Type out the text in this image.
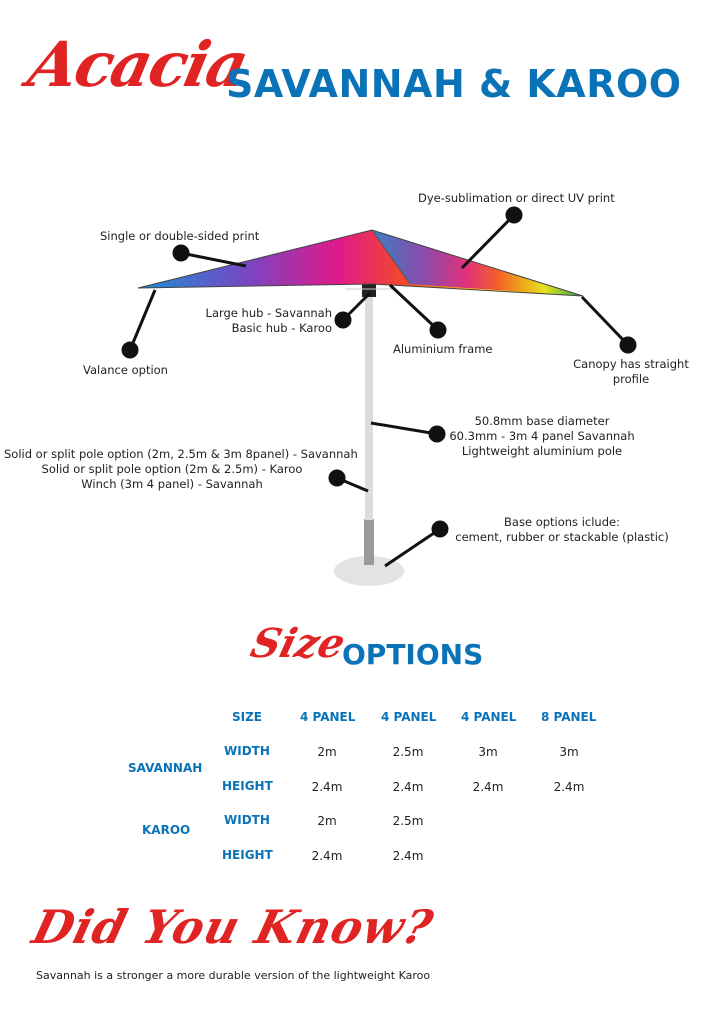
Acacia
SAVANNAH & KAROO
Dye-sublimation or direct UV print
Single or double-sided print
Large hub - Savannah
Basic hub - Karoo
Aluminium frame
Valance option	Canopy has straight
profile
50.8mm base diameter
60.3mm - 3m 4 panel Savannah
Lightweight aluminium pole
Solid or split pole option (2m, 2.5m & 3m 8panel) - Savannah
Solid or split pole option (2m & 2.5m) - Karoo
Winch (3m 4 panel) - Savannah
Base options iclude:
cement, rubber or stackable (plastic)
Size
OPTIONS
SIZE	4 PANEL 4 PANEL 4 PANEL 8 PANEL
SAVANNAH
WIDTH	2m	2.5m	3m	3m
HEIGHT	2.4m	2.4m	2.4m	2.4m
KAROO
WIDTH	2m	2.5m
HEIGHT	2.4m	2.4m
Did You Know?
Savannah is a stronger a more durable version of the lightweight Karoo
